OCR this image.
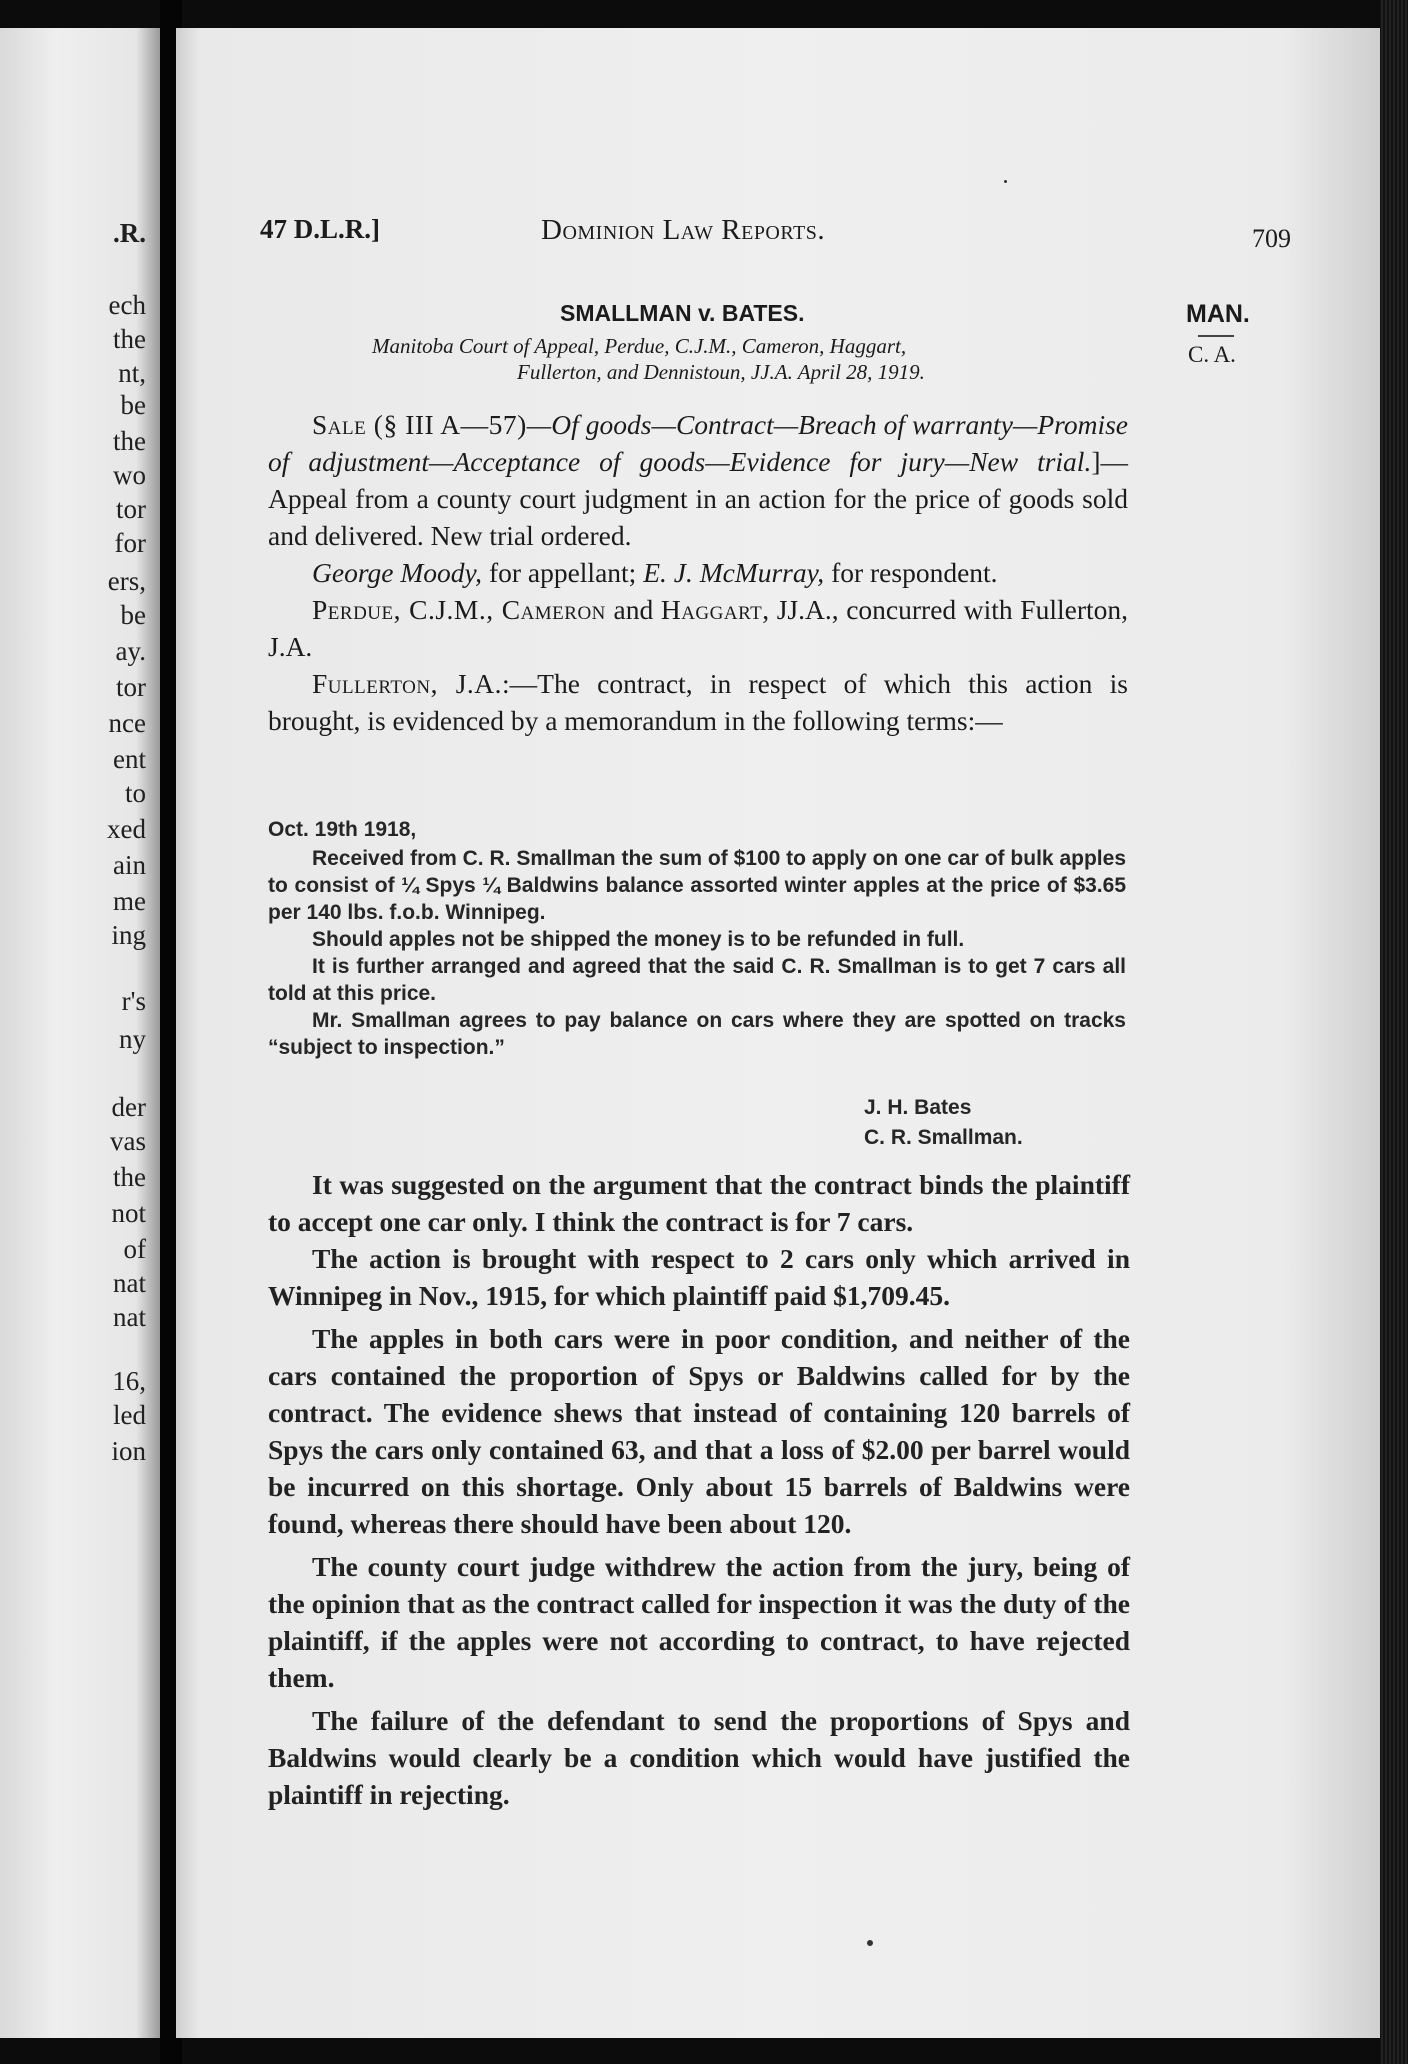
.R.
ech
the
nt,
be
the
wo
tor
for
ers,
be
ay.
tor
nce
ent
to
xed
ain
me
ing
r's
ny
der
vas
the
not
of
nat
nat
16,
led
ion
47 D.L.R.]	Dominion Law Reports.	709
MAN.
C. A.
SMALLMAN v. BATES.
Manitoba Court of Appeal, Perdue, C.J.M., Cameron, Haggart,
Fullerton, and Dennistoun, JJ.A. April 28, 1919.

Sale (§ III A—57)—Of goods—Contract—Breach of warranty—Promise of adjustment—Acceptance of goods—Evidence for jury—New trial.]—Appeal from a county court judgment in an action for the price of goods sold and delivered. New trial ordered.

George Moody, for appellant; E. J. McMurray, for respondent.

Perdue, C.J.M., Cameron and Haggart, JJ.A., concurred with Fullerton, J.A.

Fullerton, J.A.:—The contract, in respect of which this action is brought, is evidenced by a memorandum in the following terms:—

Oct. 19th 1918,

Received from C. R. Smallman the sum of $100 to apply on one car of bulk apples to consist of ¼ Spys ¼ Baldwins balance assorted winter apples at the price of $3.65 per 140 lbs. f.o.b. Winnipeg.

Should apples not be shipped the money is to be refunded in full.

It is further arranged and agreed that the said C. R. Smallman is to get 7 cars all told at this price.

Mr. Smallman agrees to pay balance on cars where they are spotted on tracks “subject to inspection.”

J. H. Bates
C. R. Smallman.

It was suggested on the argument that the contract binds the plaintiff to accept one car only. I think the contract is for 7 cars.

The action is brought with respect to 2 cars only which arrived in Winnipeg in Nov., 1915, for which plaintiff paid $1,709.45.

The apples in both cars were in poor condition, and neither of the cars contained the proportion of Spys or Baldwins called for by the contract. The evidence shews that instead of containing 120 barrels of Spys the cars only contained 63, and that a loss of $2.00 per barrel would be incurred on this shortage. Only about 15 barrels of Baldwins were found, whereas there should have been about 120.

The county court judge withdrew the action from the jury, being of the opinion that as the contract called for inspection it was the duty of the plaintiff, if the apples were not according to contract, to have rejected them.

The failure of the defendant to send the proportions of Spys and Baldwins would clearly be a condition which would have justified the plaintiff in rejecting.
